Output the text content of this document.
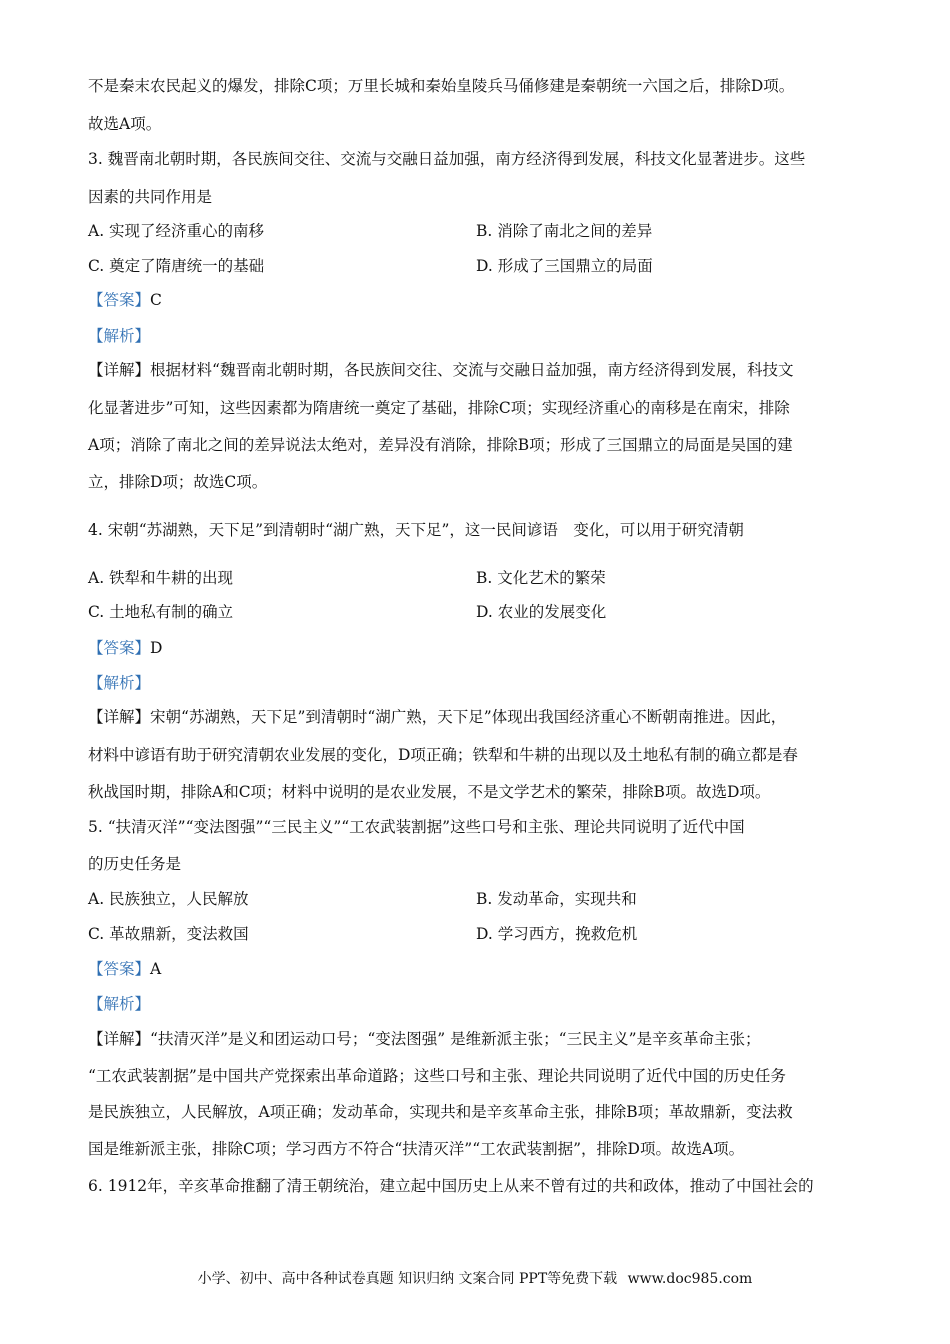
不是秦末农民起义的爆发，排除C项；万里长城和秦始皇陵兵马俑修建是秦朝统一六国之后，排除D项。
故选A项。
3. 魏晋南北朝时期，各民族间交往、交流与交融日益加强，南方经济得到发展，科技文化显著进步。这些
因素的共同作用是
A. 实现了经济重心的南移	B. 消除了南北之间的差异
C. 奠定了隋唐统一的基础	D. 形成了三国鼎立的局面
【答案】C
【解析】
【详解】根据材料“魏晋南北朝时期，各民族间交往、交流与交融日益加强，南方经济得到发展，科技文
化显著进步”可知，这些因素都为隋唐统一奠定了基础，排除C项；实现经济重心的南移是在南宋，排除
A项；消除了南北之间的差异说法太绝对，差异没有消除，排除B项；形成了三国鼎立的局面是吴国的建
立，排除D项；故选C项。
4. 宋朝“苏湖熟，天下足”到清朝时“湖广熟，天下足”，这一民间谚语　变化，可以用于研究清朝
A. 铁犁和牛耕的出现	B. 文化艺术的繁荣
C. 土地私有制的确立	D. 农业的发展变化
【答案】D
【解析】
【详解】宋朝“苏湖熟，天下足”到清朝时“湖广熟，天下足”体现出我国经济重心不断朝南推进。因此，
材料中谚语有助于研究清朝农业发展的变化，D项正确；铁犁和牛耕的出现以及土地私有制的确立都是春
秋战国时期，排除A和C项；材料中说明的是农业发展，不是文学艺术的繁荣，排除B项。故选D项。
5. “扶清灭洋”“变法图强”“三民主义”“工农武装割据”这些口号和主张、理论共同说明了近代中国
的历史任务是
A. 民族独立，人民解放	B. 发动革命，实现共和
C. 革故鼎新，变法救国	D. 学习西方，挽救危机
【答案】A
【解析】
【详解】“扶清灭洋”是义和团运动口号；“变法图强” 是维新派主张；“三民主义”是辛亥革命主张；
“工农武装割据”是中国共产党探索出革命道路；这些口号和主张、理论共同说明了近代中国的历史任务
是民族独立，人民解放，A项正确；发动革命，实现共和是辛亥革命主张，排除B项；革故鼎新，变法救
国是维新派主张，排除C项；学习西方不符合“扶清灭洋”“工农武装割据”，排除D项。故选A项。
6. 1912年，辛亥革命推翻了清王朝统治，建立起中国历史上从来不曾有过的共和政体，推动了中国社会的
小学、初中、高中各种试卷真题 知识归纳 文案合同 PPT等免费下载 www.doc985.com
